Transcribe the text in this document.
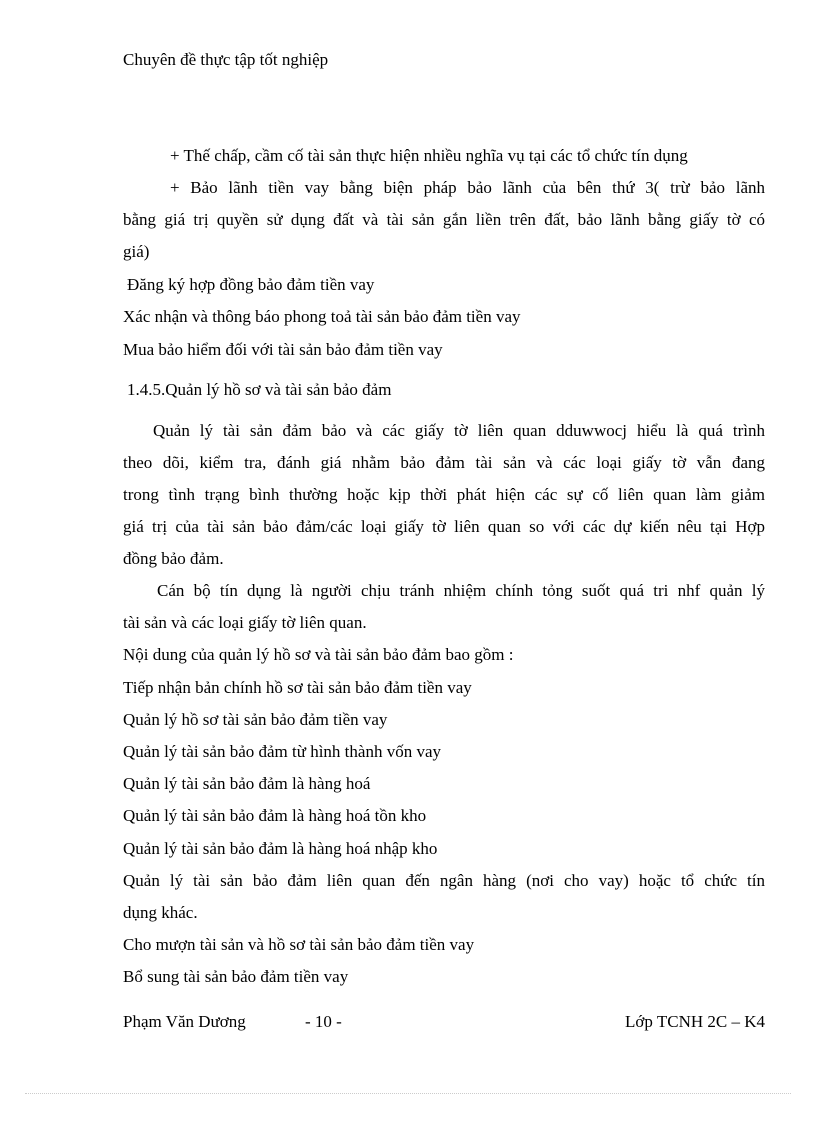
Chuyên đề thực tập tốt nghiệp
+ Thế chấp, cầm cố tài sản thực hiện nhiều nghĩa vụ tại các tổ chức tín dụng
+ Bảo lãnh tiền vay bằng biện pháp bảo lãnh của bên thứ 3( trừ bảo lãnh
bằng giá trị quyền sử dụng đất và tài sản gắn liền trên đất, bảo lãnh bằng giấy tờ có
giá)
Đăng ký hợp đồng bảo đảm tiền vay
Xác nhận và thông báo phong toả tài sản bảo đảm tiền vay
Mua bảo hiểm đối với tài sản bảo đảm tiền vay
1.4.5.Quản lý hồ sơ và tài sản bảo đảm
Quản lý tài sản đảm bảo và các giấy tờ liên quan dduwwocj hiểu là quá trình
theo dõi, kiểm tra, đánh giá nhằm bảo đảm tài sản và các loại giấy tờ vẫn đang
trong tình trạng bình thường hoặc kịp thời phát hiện các sự cố liên quan làm giảm
giá trị của tài sản bảo đảm/các loại giấy tờ liên quan so với các dự kiến nêu tại Hợp
đồng bảo đảm.
Cán bộ tín dụng là người chịu tránh nhiệm chính tỏng suốt quá tri nhf quản lý
tài sản và các loại giấy tờ liên quan.
Nội dung của quản lý hồ sơ và tài sản bảo đảm bao gồm :
Tiếp nhận bản chính hồ sơ tài sản bảo đảm tiền vay
Quản lý hồ sơ tài sản bảo đảm tiền vay
Quản lý tài sản bảo đảm từ hình thành vốn vay
Quản lý tài sản bảo đảm là hàng hoá
Quản lý tài sản bảo đảm là hàng hoá tồn kho
Quản lý tài sản bảo đảm là hàng hoá nhập kho
Quản lý tài sản bảo đảm liên quan đến ngân hàng (nơi cho vay) hoặc tổ chức tín
dụng khác.
Cho mượn tài sản và hồ sơ tài sản bảo đảm tiền vay
Bổ sung tài sản bảo đảm tiền vay
Phạm Văn Dương	- 10 -	Lớp TCNH 2C – K4
